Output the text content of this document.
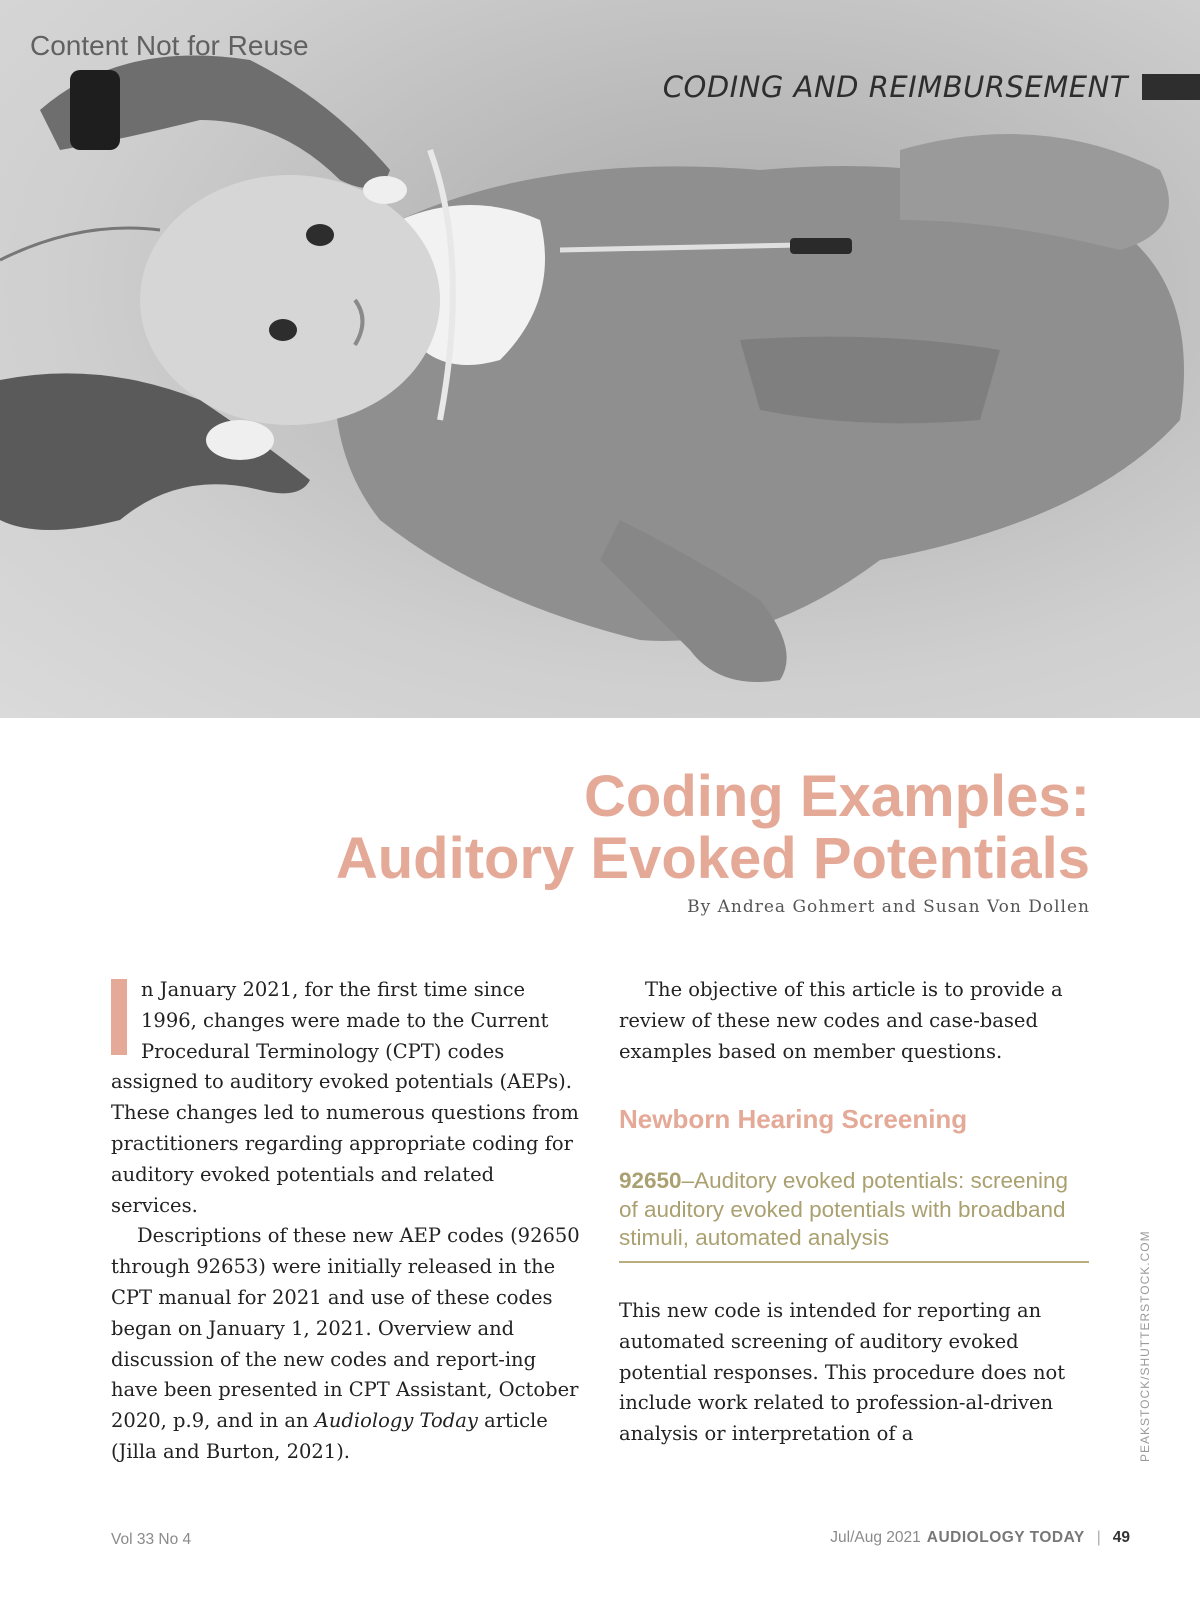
Content Not for Reuse
CODING AND REIMBURSEMENT
Coding Examples:
Auditory Evoked Potentials
By Andrea Gohmert and Susan Von Dollen

n January 2021, for the first time since 1996, changes were made to the Current Procedural Terminology (CPT) codes assigned to auditory evoked potentials (AEPs). These changes led to numerous questions from practitioners regarding appropriate coding for auditory evoked potentials and related services.

Descriptions of these new AEP codes (92650 through 92653) were initially released in the CPT manual for 2021 and use of these codes began on January 1, 2021. Overview and discussion of the new codes and report-ing have been presented in CPT Assistant, October 2020, p.9, and in an Audiology Today article (Jilla and Burton, 2021).

The objective of this article is to provide a review of these new codes and case-based examples based on member questions.

Newborn Hearing Screening
92650–Auditory evoked potentials: screening of auditory evoked potentials with broadband stimuli, automated analysis

This new code is intended for reporting an automated screening of auditory evoked potential responses. This procedure does not include work related to profession-al-driven analysis or interpretation of a	PEAKSTOCK/SHUTTERSTOCK.COM
Vol 33 No 4	Jul/Aug 2021 AUDIOLOGY TODAY | 49
